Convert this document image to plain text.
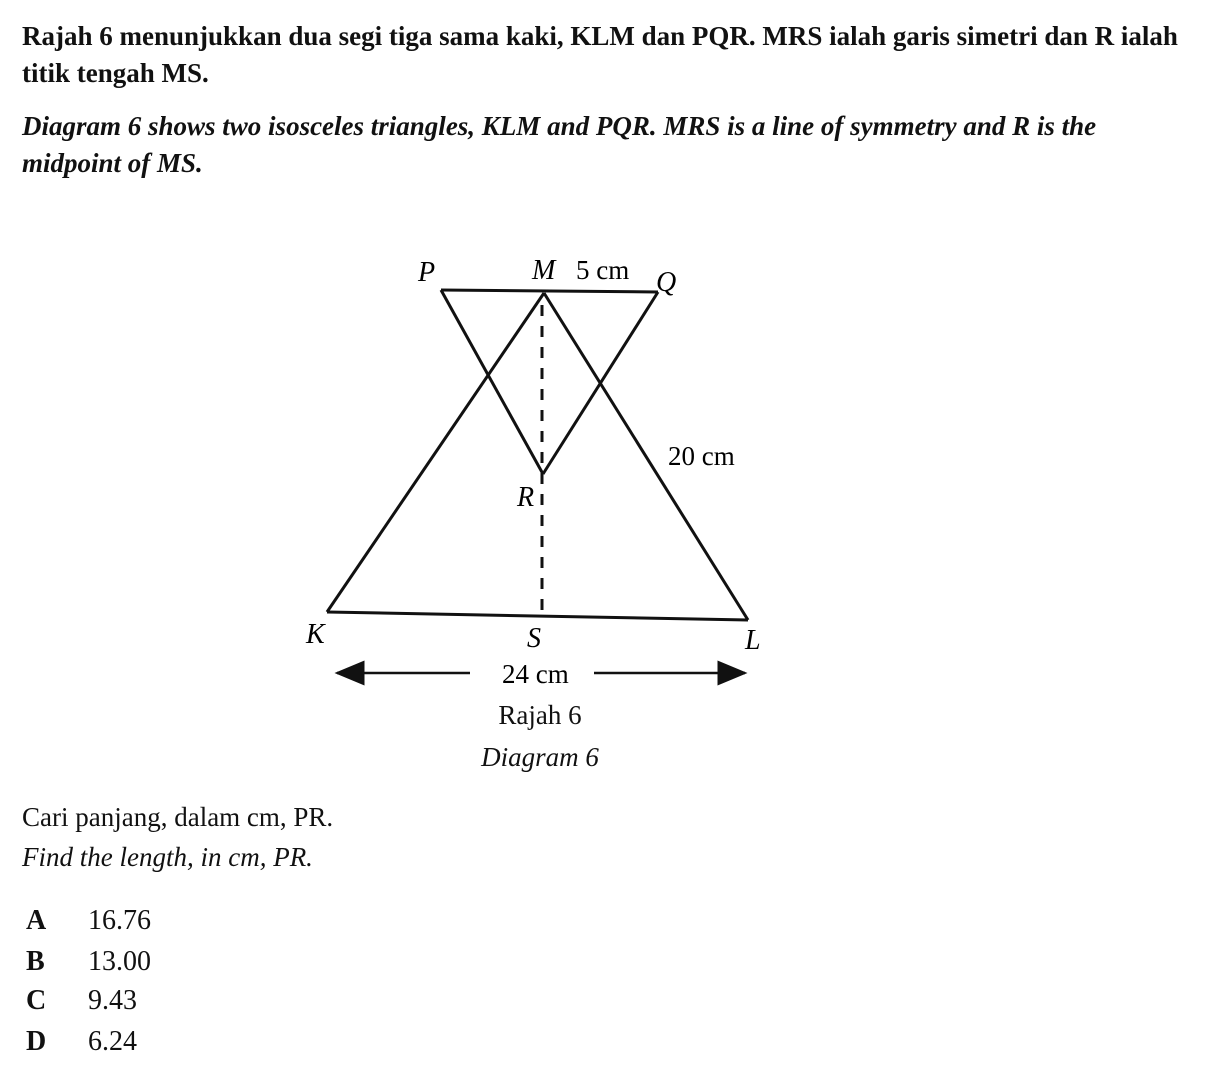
Rajah 6 menunjukkan dua segi tiga sama kaki, KLM dan PQR. MRS ialah garis simetri dan R ialah titik tengah MS.
Diagram 6 shows two isosceles triangles, KLM and PQR. MRS is a line of symmetry and R is the midpoint of MS.
P	M	Q
R
K	S	L
5 cm
20 cm
24 cm
Rajah 6
Diagram 6
Cari panjang, dalam cm, PR.
Find the length, in cm, PR.
A 16.76
B 13.00
C 9.43
D 6.24
